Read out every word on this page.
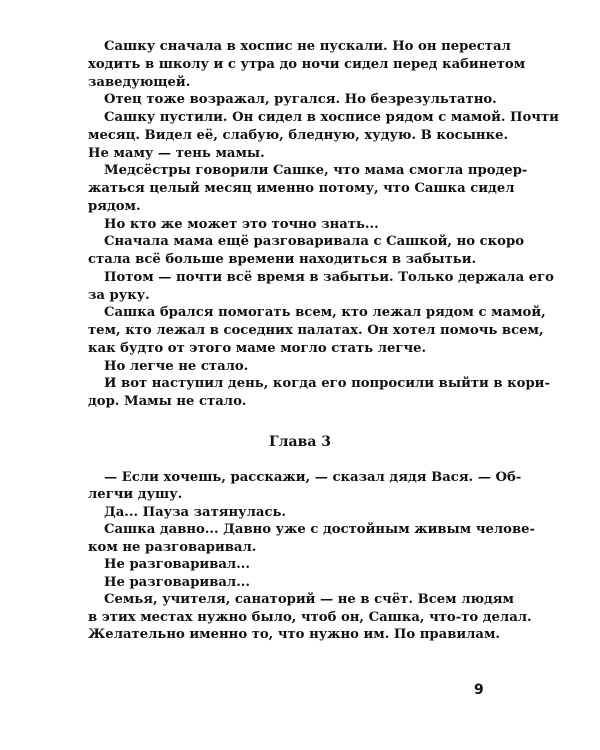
Сашку сначала в хоспис не пускали. Но он перестал
ходить в школу и с утра до ночи сидел перед кабинетом
заведующей.
Отец тоже возражал, ругался. Но безрезультатно.
Сашку пустили. Он сидел в хосписе рядом с мамой. Почти
месяц. Видел её, слабую, бледную, худую. В косынке.
Не маму — тень мамы.
Медсёстры говорили Сашке, что мама смогла продер-
жаться целый месяц именно потому, что Сашка сидел
рядом.
Но кто же может это точно знать...
Сначала мама ещё разговаривала с Сашкой, но скоро
стала всё больше времени находиться в забытьи.
Потом — почти всё время в забытьи. Только держала его
за руку.
Сашка брался помогать всем, кто лежал рядом с мамой,
тем, кто лежал в соседних палатах. Он хотел помочь всем,
как будто от этого маме могло стать легче.
Но легче не стало.
И вот наступил день, когда его попросили выйти в кори-
дор. Мамы не стало.
Глава 3
— Если хочешь, расскажи, — сказал дядя Вася. — Об-
легчи душу.
Да... Пауза затянулась.
Сашка давно... Давно уже с достойным живым челове-
ком не разговаривал.
Не разговаривал...
Не разговаривал...
Семья, учителя, санаторий — не в счёт. Всем людям
в этих местах нужно было, чтоб он, Сашка, что-то делал.
Желательно именно то, что нужно им. По правилам.
9
